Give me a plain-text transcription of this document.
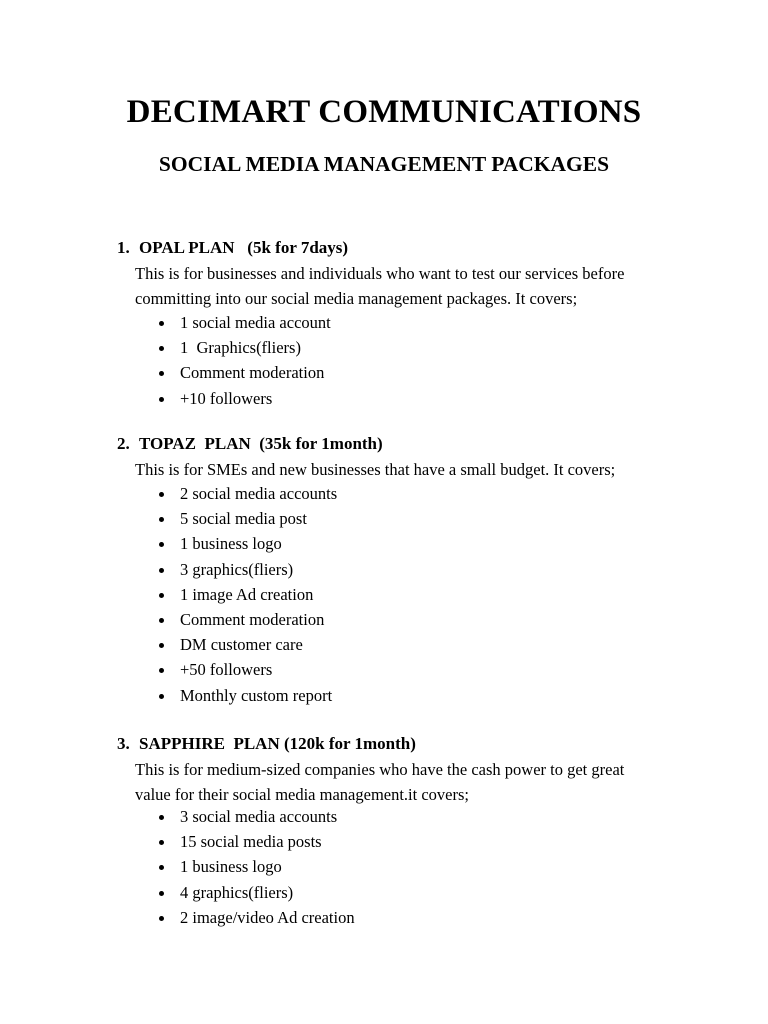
DECIMART COMMUNICATIONS
SOCIAL MEDIA MANAGEMENT PACKAGES
1. OPAL PLAN   (5k for 7days)

This is for businesses and individuals who want to test our services before
committing into our social media management packages. It covers;

1 social media account
1  Graphics(fliers)
Comment moderation
+10 followers
2. TOPAZ  PLAN  (35k for 1month)

This is for SMEs and new businesses that have a small budget. It covers;

2 social media accounts
5 social media post
1 business logo
3 graphics(fliers)
1 image Ad creation
Comment moderation
DM customer care
+50 followers
Monthly custom report
3. SAPPHIRE  PLAN (120k for 1month)

This is for medium-sized companies who have the cash power to get great
value for their social media management.it covers;

3 social media accounts
15 social media posts
1 business logo
4 graphics(fliers)
2 image/video Ad creation
